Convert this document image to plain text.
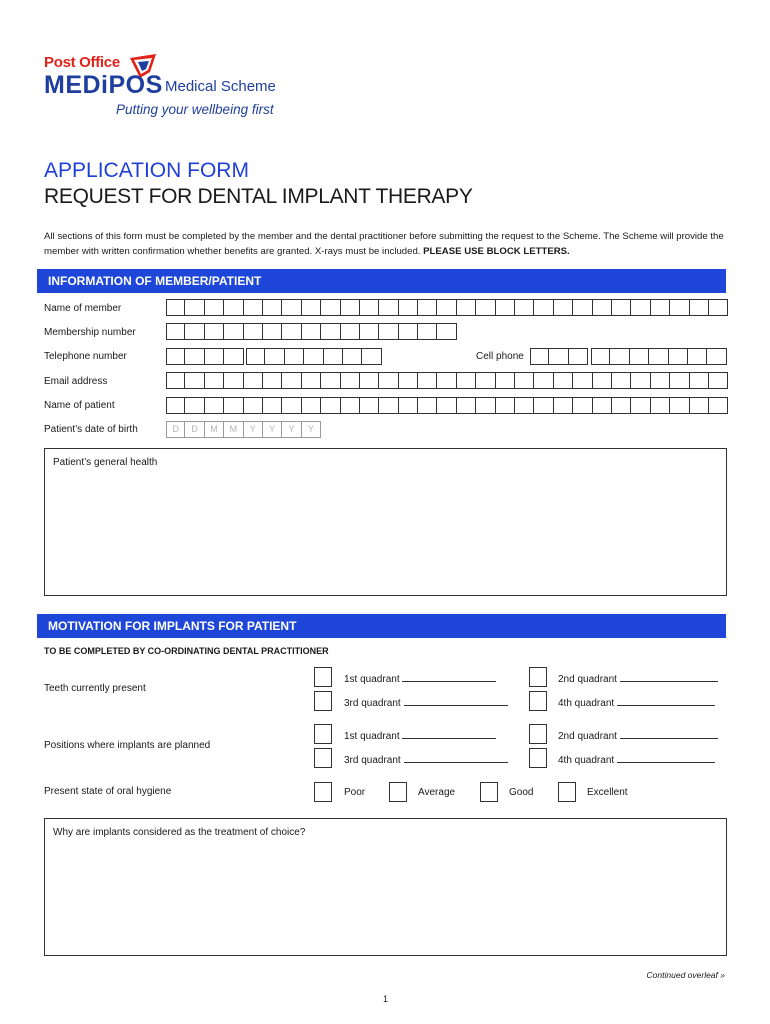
Post Office
MEDiPOS Medical Scheme
Putting your wellbeing first
APPLICATION FORM
REQUEST FOR DENTAL IMPLANT THERAPY
All sections of this form must be completed by the member and the dental practitioner before submitting the request to the Scheme. The Scheme will provide the member with written confirmation whether benefits are granted. X-rays must be included. PLEASE USE BLOCK LETTERS.
INFORMATION OF MEMBER/PATIENT
Name of member
Membership number
Telephone number	Cell phone
Email address
Name of patient
Patient’s date of birth	D	D	M	M	Y	Y	Y	Y
Patient’s general health
MOTIVATION FOR IMPLANTS FOR PATIENT
TO BE COMPLETED BY CO-ORDINATING DENTAL PRACTITIONER
Teeth currently present
1st quadrant	2nd quadrant
3rd quadrant	4th quadrant
Positions where implants are planned
1st quadrant	2nd quadrant
3rd quadrant	4th quadrant
Present state of oral hygiene	Poor	Average	Good	Excellent
Why are implants considered as the treatment of choice?
Continued overleaf »
1
